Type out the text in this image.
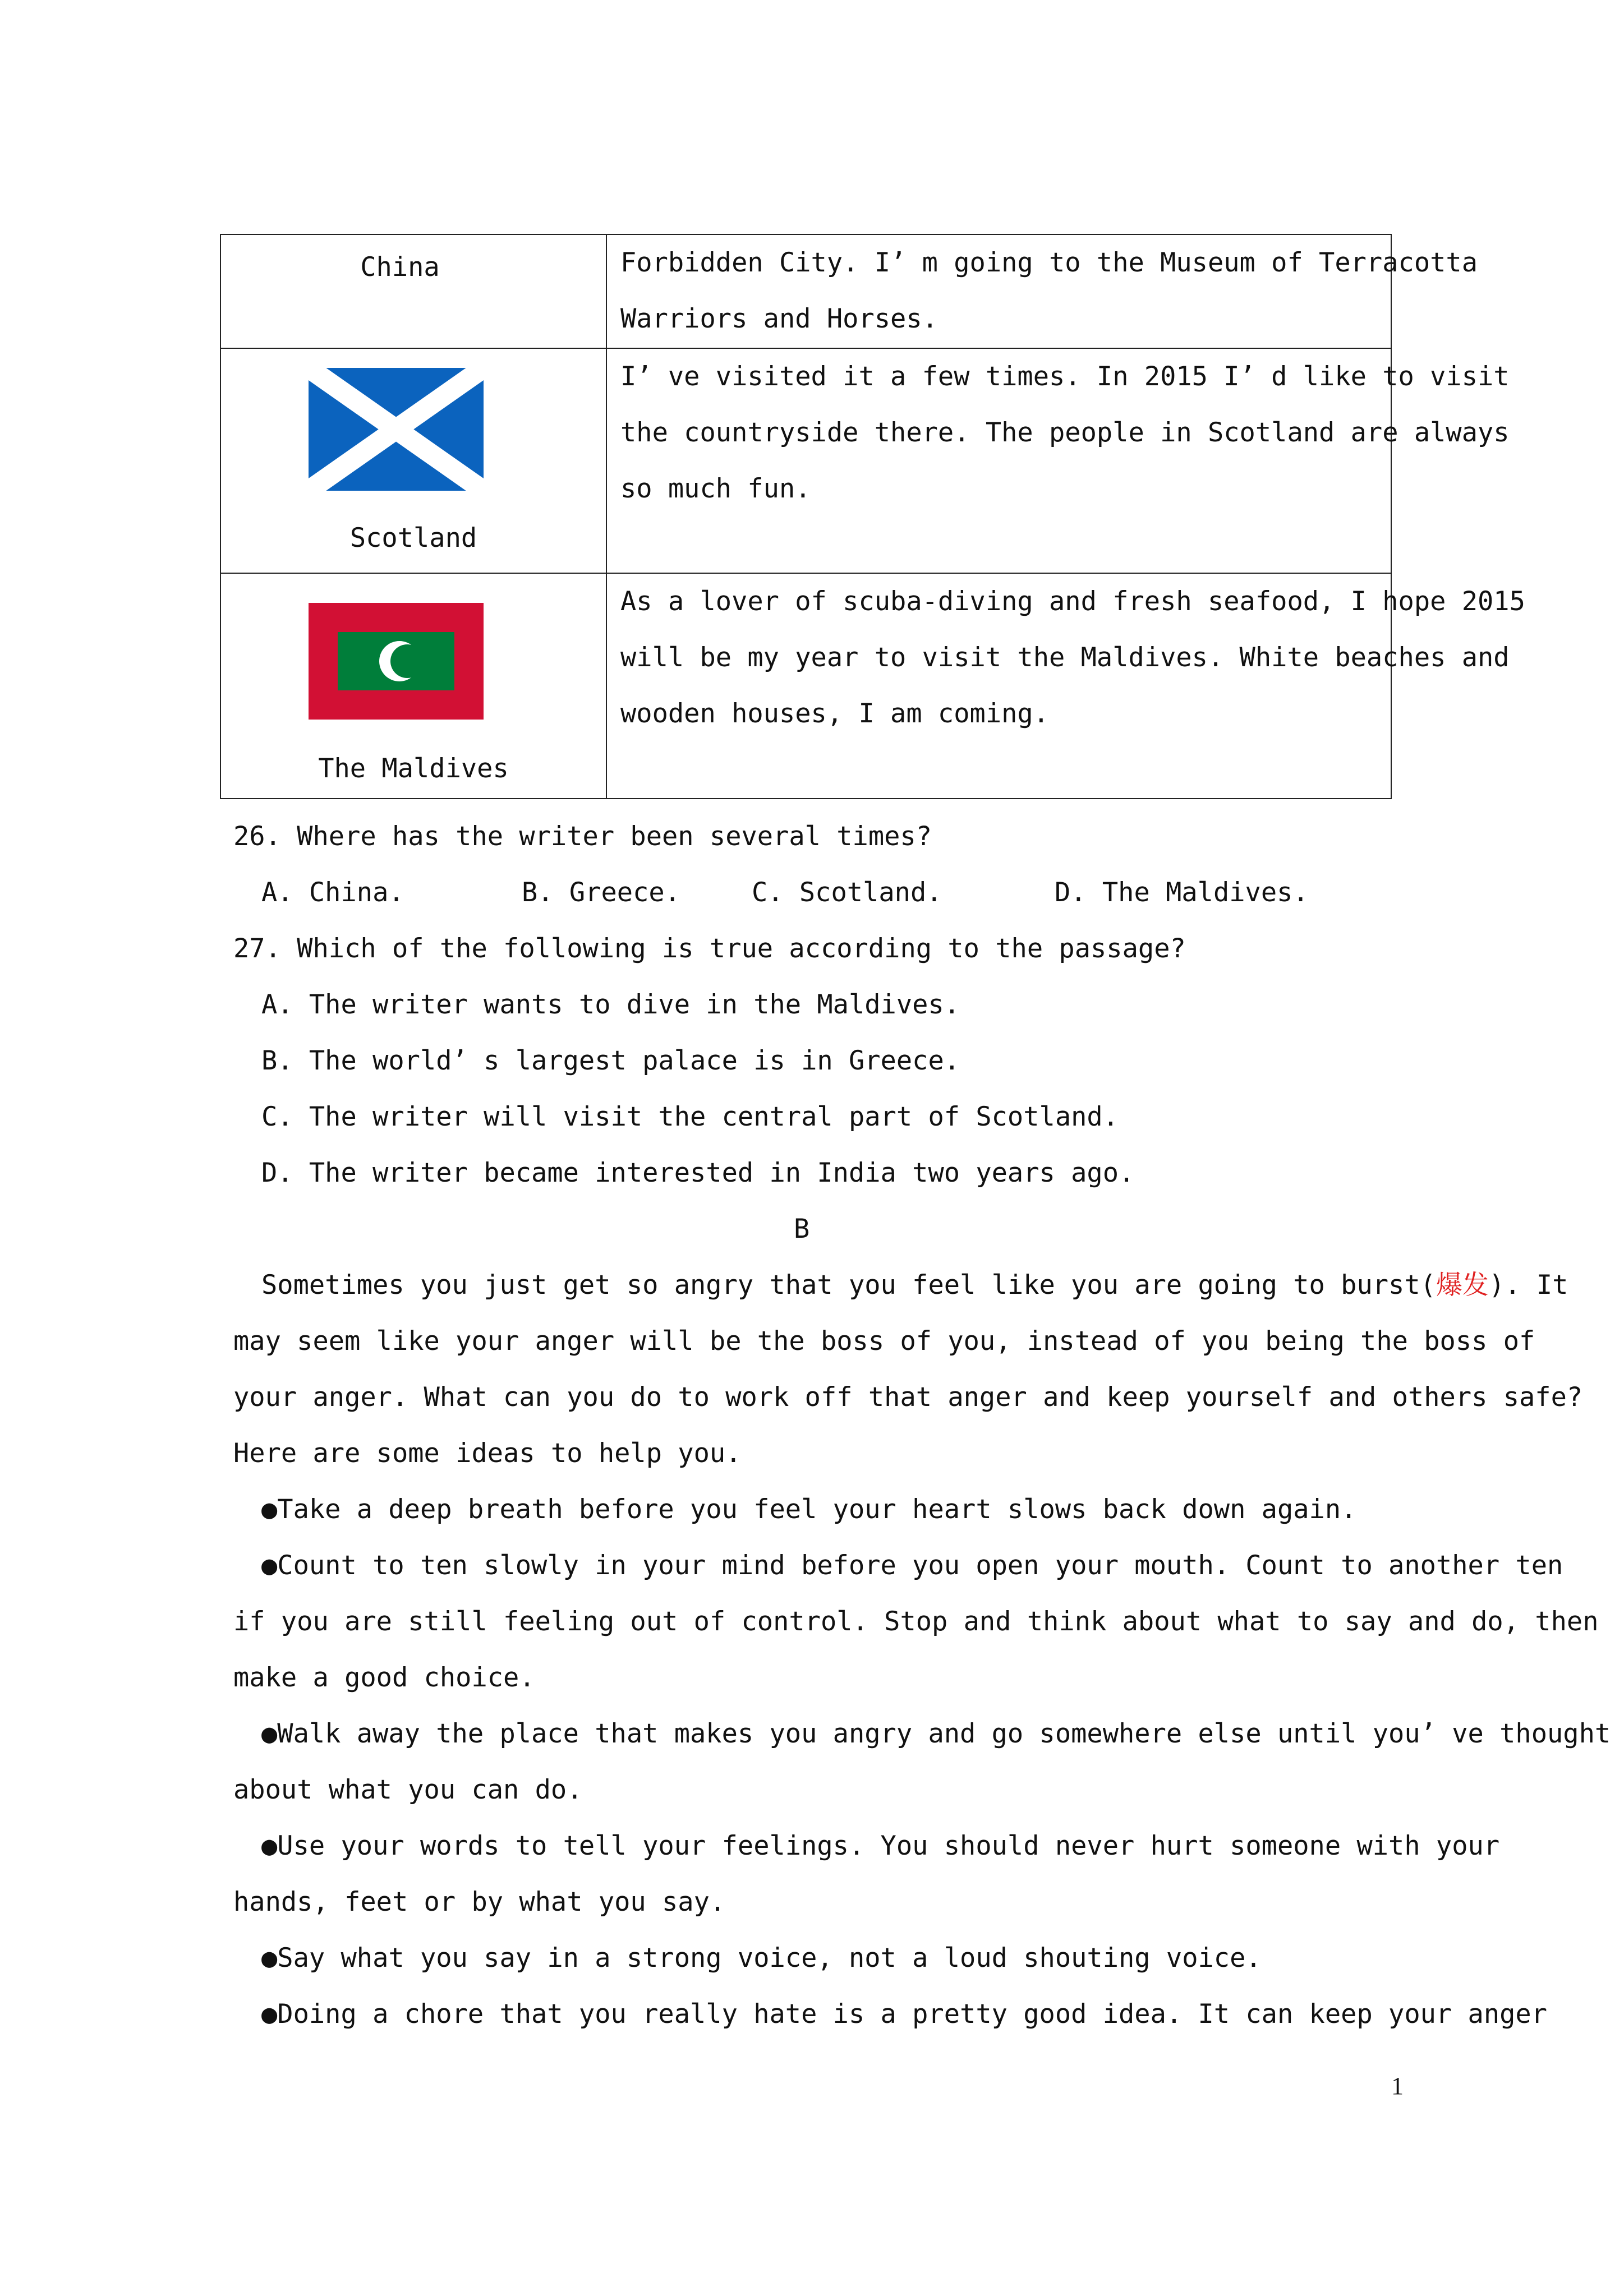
China	Forbidden City. I’ m going to the Museum of Terracotta
Warriors and Horses.

Scotland	I’ ve visited it a few times. In 2015 I’ d like to visit
the countryside there. The people in Scotland are always
so much fun.

The Maldives	As a lover of scuba-diving and fresh seafood, I hope 2015
will be my year to visit the Maldives. White beaches and
wooden houses, I am coming.
26. Where has the writer been several times?
A. China.	B. Greece.	C. Scotland.	D. The Maldives.
27. Which of the following is true according to the passage?
A. The writer wants to dive in the Maldives.
B. The world’ s largest palace is in Greece.
C. The writer will visit the central part of Scotland.
D. The writer became interested in India two years ago.
B
Sometimes you just get so angry that you feel like you are going to burst(爆发). It
may seem like your anger will be the boss of you, instead of you being the boss of
your anger. What can you do to work off that anger and keep yourself and others safe?
Here are some ideas to help you.
●Take a deep breath before you feel your heart slows back down again.
●Count to ten slowly in your mind before you open your mouth. Count to another ten
if you are still feeling out of control. Stop and think about what to say and do, then
make a good choice.
●Walk away the place that makes you angry and go somewhere else until you’ ve thought
about what you can do.
●Use your words to tell your feelings. You should never hurt someone with your
hands, feet or by what you say.
●Say what you say in a strong voice, not a loud shouting voice.
●Doing a chore that you really hate is a pretty good idea. It can keep your anger
1
